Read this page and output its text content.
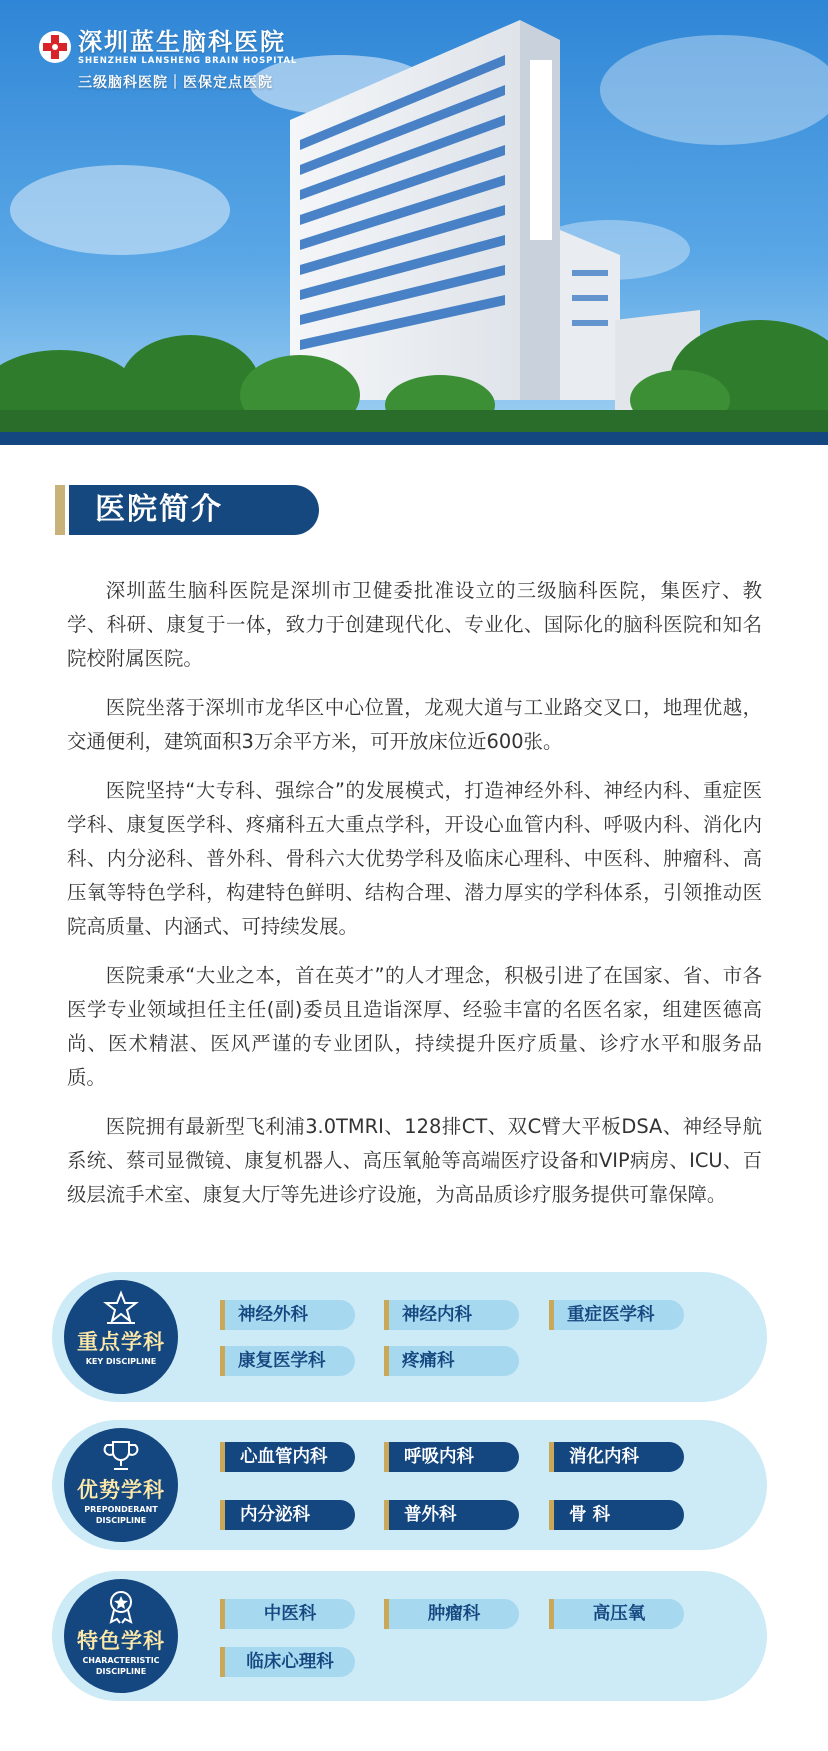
深圳蓝生脑科医院
SHENZHEN LANSHENG BRAIN HOSPITAL
三级脑科医院｜医保定点医院
医院简介

深圳蓝生脑科医院是深圳市卫健委批准设立的三级脑科医院，集医疗、教学、科研、康复于一体，致力于创建现代化、专业化、国际化的脑科医院和知名院校附属医院。

医院坐落于深圳市龙华区中心位置，龙观大道与工业路交叉口，地理优越，交通便利，建筑面积3万余平方米，可开放床位近600张。

医院坚持“大专科、强综合”的发展模式，打造神经外科、神经内科、重症医学科、康复医学科、疼痛科五大重点学科，开设心血管内科、呼吸内科、消化内科、内分泌科、普外科、骨科六大优势学科及临床心理科、中医科、肿瘤科、高压氧等特色学科，构建特色鲜明、结构合理、潜力厚实的学科体系，引领推动医院高质量、内涵式、可持续发展。

医院秉承“大业之本，首在英才”的人才理念，积极引进了在国家、省、市各医学专业领域担任主任(副)委员且造诣深厚、经验丰富的名医名家，组建医德高尚、医术精湛、医风严谨的专业团队，持续提升医疗质量、诊疗水平和服务品质。

医院拥有最新型飞利浦3.0TMRI、128排CT、双C臂大平板DSA、神经导航系统、蔡司显微镜、康复机器人、高压氧舱等高端医疗设备和VIP病房、ICU、百级层流手术室、康复大厅等先进诊疗设施，为高品质诊疗服务提供可靠保障。

重点学科
KEY DISCIPLINE
神经外科	神经内科	重症医学科
康复医学科	疼痛科
优势学科
PREPONDERANT DISCIPLINE
心血管内科	呼吸内科	消化内科
内分泌科	普外科	骨 科
特色学科
CHARACTERISTIC DISCIPLINE
中医科	肿瘤科	高压氧
临床心理科
